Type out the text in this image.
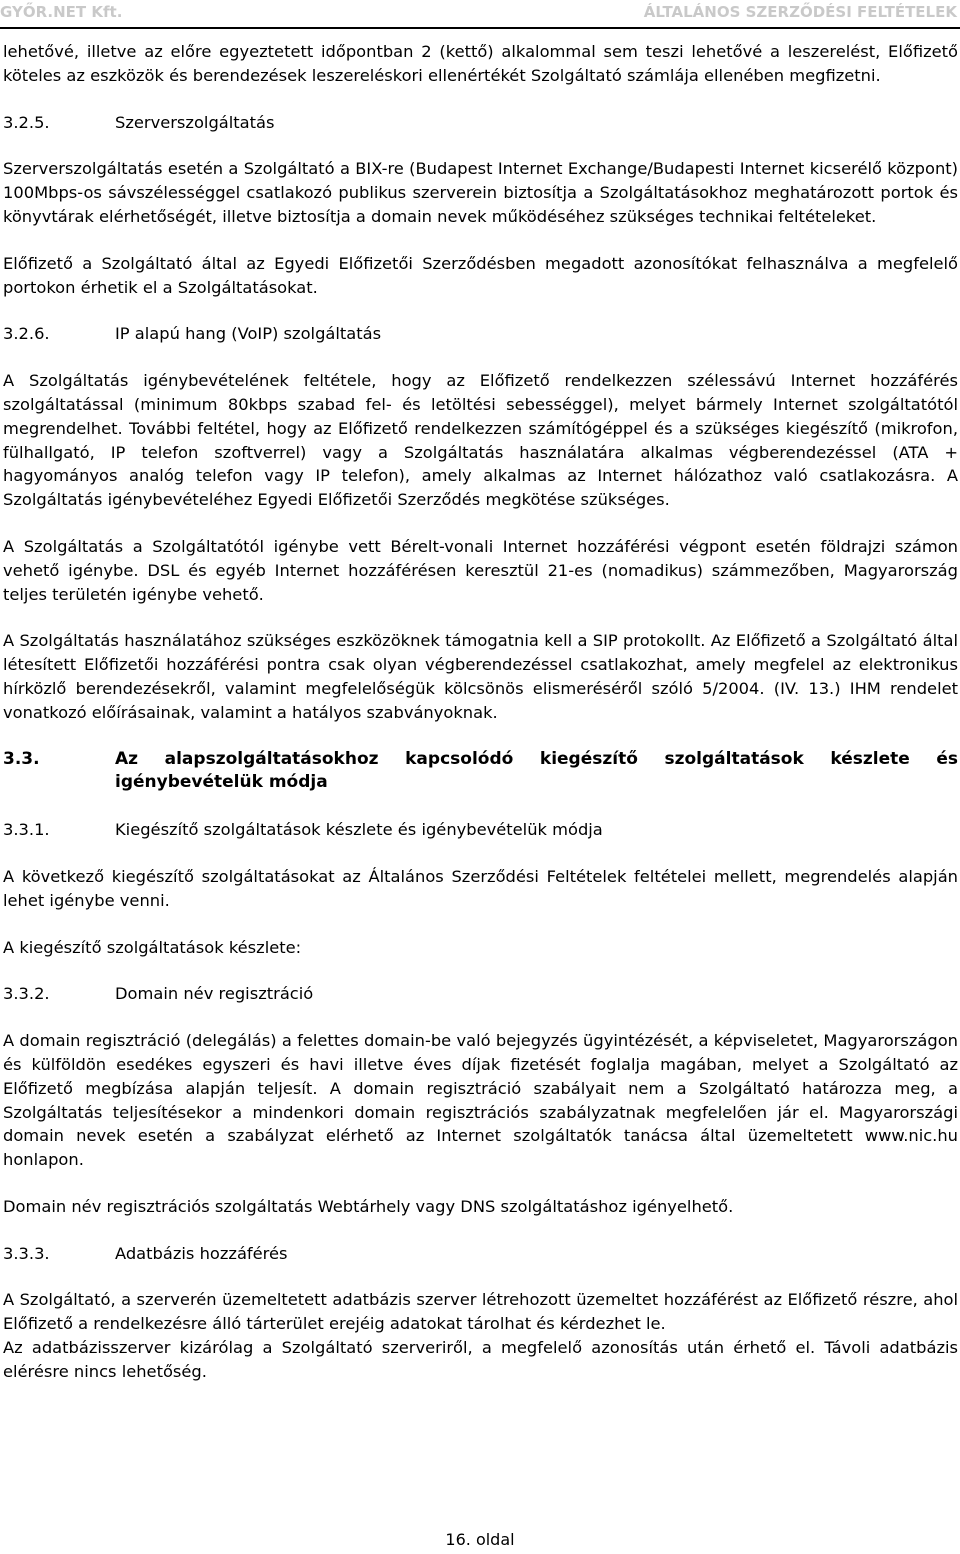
GYŐR.NET Kft.	ÁLTALÁNOS SZERZŐDÉSI FELTÉTELEK

lehetővé, illetve az előre egyeztetett időpontban 2 (kettő) alkalommal sem teszi lehetővé a leszerelést, Előfizető köteles az eszközök és berendezések leszereléskori ellenértékét Szolgáltató számlája ellenében megfizetni.

3.2.5.	Szerverszolgáltatás

Szerverszolgáltatás esetén a Szolgáltató a BIX-re (Budapest Internet Exchange/Budapesti Internet kicserélő központ) 100Mbps-os sávszélességgel csatlakozó publikus szerverein biztosítja a Szolgáltatásokhoz meghatározott portok és könyvtárak elérhetőségét, illetve biztosítja a domain nevek működéséhez szükséges technikai feltételeket.

Előfizető a Szolgáltató által az Egyedi Előfizetői Szerződésben megadott azonosítókat felhasználva a megfelelő portokon érhetik el a Szolgáltatásokat.

3.2.6.	IP alapú hang (VoIP) szolgáltatás

A Szolgáltatás igénybevételének feltétele, hogy az Előfizető rendelkezzen szélessávú Internet hozzáférés szolgáltatással (minimum 80kbps szabad fel- és letöltési sebességgel), melyet bármely Internet szolgáltatótól megrendelhet. További feltétel, hogy az Előfizető rendelkezzen számítógéppel és a szükséges kiegészítő (mikrofon, fülhallgató, IP telefon szoftverrel) vagy a Szolgáltatás használatára alkalmas végberendezéssel (ATA + hagyományos analóg telefon vagy IP telefon), amely alkalmas az Internet hálózathoz való csatlakozásra. A Szolgáltatás igénybevételéhez Egyedi Előfizetői Szerződés megkötése szükséges.

A Szolgáltatás a Szolgáltatótól igénybe vett Bérelt-vonali Internet hozzáférési végpont esetén földrajzi számon vehető igénybe. DSL és egyéb Internet hozzáférésen keresztül 21-es (nomadikus) számmezőben, Magyarország teljes területén igénybe vehető.

A Szolgáltatás használatához szükséges eszközöknek támogatnia kell a SIP protokollt. Az Előfizető a Szolgáltató által létesített Előfizetői hozzáférési pontra csak olyan végberendezéssel csatlakozhat, amely megfelel az elektronikus hírközlő berendezésekről, valamint megfelelőségük kölcsönös elismeréséről szóló 5/2004. (IV. 13.) IHM rendelet vonatkozó előírásainak, valamint a hatályos szabványoknak.

3.3.	Az alapszolgáltatásokhoz kapcsolódó kiegészítő szolgáltatások készlete és igénybevételük módja
3.3.1.	Kiegészítő szolgáltatások készlete és igénybevételük módja

A következő kiegészítő szolgáltatásokat az Általános Szerződési Feltételek feltételei mellett, megrendelés alapján lehet igénybe venni.

A kiegészítő szolgáltatások készlete:

3.3.2.	Domain név regisztráció

A domain regisztráció (delegálás) a felettes domain-be való bejegyzés ügyintézését, a képviseletet, Magyarországon és külföldön esedékes egyszeri és havi illetve éves díjak fizetését foglalja magában, melyet a Szolgáltató az Előfizető megbízása alapján teljesít. A domain regisztráció szabályait nem a Szolgáltató határozza meg, a Szolgáltatás teljesítésekor a mindenkori domain regisztrációs szabályzatnak megfelelően jár el. Magyarországi domain nevek esetén a szabályzat elérhető az Internet szolgáltatók tanácsa által üzemeltetett www.nic.hu honlapon.

Domain név regisztrációs szolgáltatás Webtárhely vagy DNS szolgáltatáshoz igényelhető.

3.3.3.	Adatbázis hozzáférés

A Szolgáltató, a szerverén üzemeltetett adatbázis szerver létrehozott üzemeltet hozzáférést az Előfizető részre, ahol Előfizető a rendelkezésre álló tárterület erejéig adatokat tárolhat és kérdezhet le.

Az adatbázisszerver kizárólag a Szolgáltató szerveriről, a megfelelő azonosítás után érhető el. Távoli adatbázis elérésre nincs lehetőség.

16. oldal
